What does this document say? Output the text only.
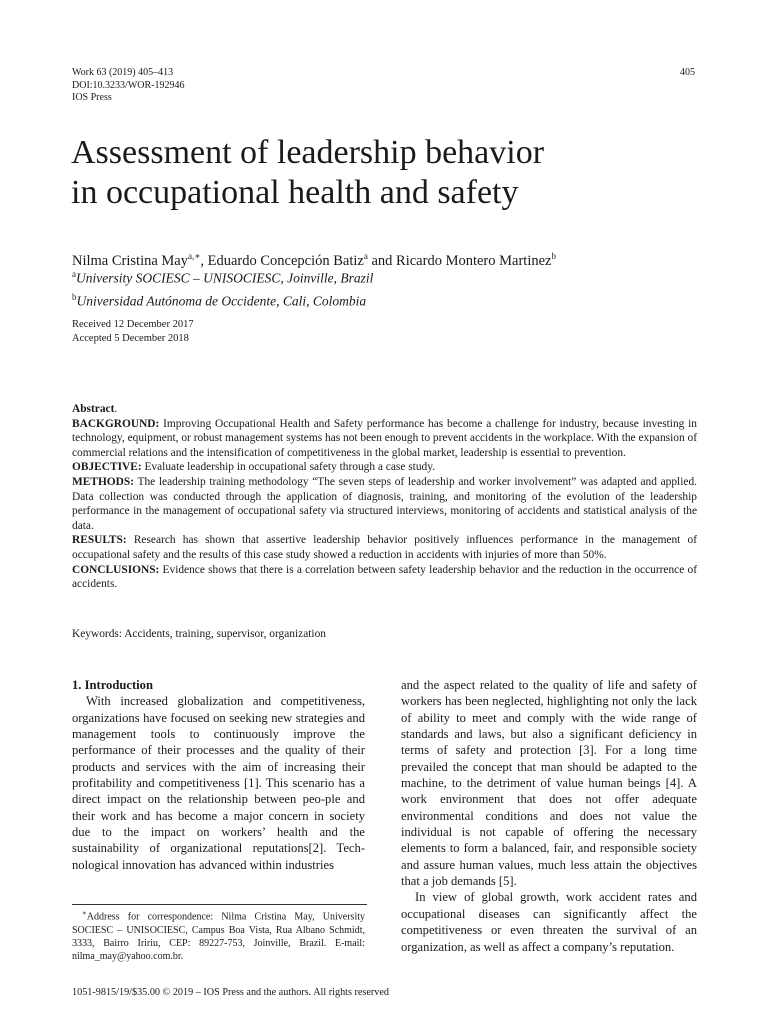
Work 63 (2019) 405–413
DOI:10.3233/WOR-192946
IOS Press
405
Assessment of leadership behavior
in occupational health and safety
Nilma Cristina May$^{a,∗}$, Eduardo Concepción Batiz$^a$ and Ricardo Montero Martinez$^b$
$^a$University SOCIESC – UNISOCIESC, Joinville, Brazil
$^b$Universidad Autónoma de Occidente, Cali, Colombia
Received 12 December 2017
Accepted 5 December 2018

Abstract.

BACKGROUND: Improving Occupational Health and Safety performance has become a challenge for industry, because investing in technology, equipment, or robust management systems has not been enough to prevent accidents in the workplace. With the expansion of commercial relations and the intensification of competitiveness in the global market, leadership is essential to prevention.

OBJECTIVE: Evaluate leadership in occupational safety through a case study.

METHODS: The leadership training methodology “The seven steps of leadership and worker involvement” was adapted and applied. Data collection was conducted through the application of diagnosis, training, and monitoring of the evolution of the leadership performance in the management of occupational safety via structured interviews, monitoring of accidents and statistical analysis of the data.

RESULTS: Research has shown that assertive leadership behavior positively influences performance in the management of occupational safety and the results of this case study showed a reduction in accidents with injuries of more than 50%.

CONCLUSIONS: Evidence shows that there is a correlation between safety leadership behavior and the reduction in the occurrence of accidents.

Keywords: Accidents, training, supervisor, organization

1. Introduction

With increased globalization and competitiveness, organizations have focused on seeking new strategies and management tools to continuously improve the performance of their processes and the quality of their products and services with the aim of increasing their profitability and competitiveness [1]. This scenario has a direct impact on the relationship between peo-ple and their work and has become a major concern in society due to the impact on workers’ health and the sustainability of organizational reputations[2]. Tech-nological innovation has advanced within industries

and the aspect related to the quality of life and safety of workers has been neglected, highlighting not only the lack of ability to meet and comply with the wide range of standards and laws, but also a significant deficiency in terms of safety and protection [3]. For a long time prevailed the concept that man should be adapted to the machine, to the detriment of value human beings [4]. A work environment that does not offer adequate environmental conditions and does not value the individual is not capable of offering the necessary elements to form a balanced, fair, and responsible society and assure human values, much less attain the objectives that a job demands [5].

In view of global growth, work accident rates and occupational diseases can significantly affect the competitiveness or even threaten the survival of an organization, as well as affect a company’s reputation.

∗Address for correspondence: Nilma Cristina May, University SOCIESC – UNISOCIESC, Campus Boa Vista, Rua Albano Schmidt, 3333, Bairro Iririu, CEP: 89227-753, Joinville, Brazil. E-mail: nilma_may@yahoo.com.br.
1051-9815/19/$35.00 © 2019 – IOS Press and the authors. All rights reserved
